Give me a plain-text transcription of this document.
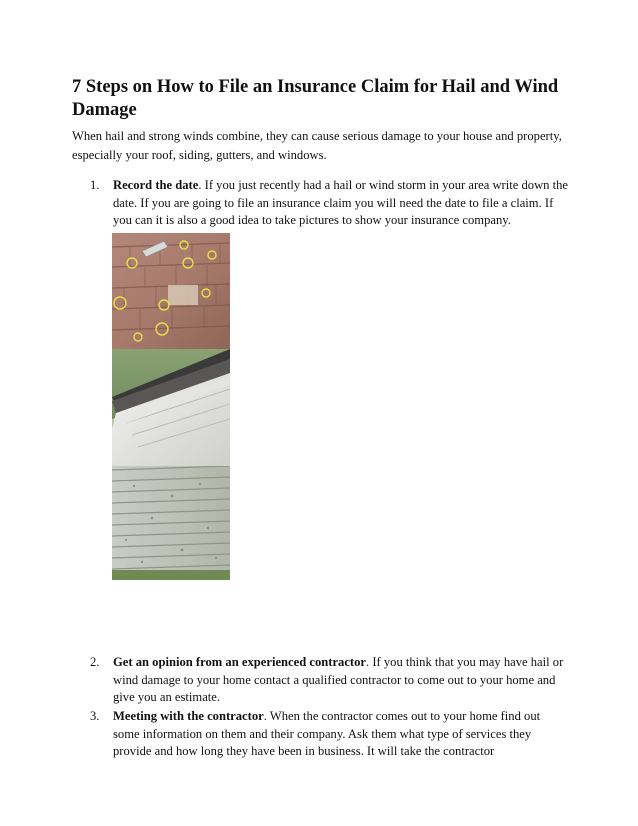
7 Steps on How to File an Insurance Claim for Hail and Wind Damage

When hail and strong winds combine, they can cause serious damage to your house and property, especially your roof, siding, gutters, and windows.

1. Record the date. If you just recently had a hail or wind storm in your area write down the date. If you are going to file an insurance claim you will need the date to file a claim. If you can it is also a good idea to take pictures to show your insurance company.
2. Get an opinion from an experienced contractor. If you think that you may have hail or wind damage to your home contact a qualified contractor to come out to your home and give you an estimate.
3. Meeting with the contractor. When the contractor comes out to your home find out some information on them and their company. Ask them what type of services they provide and how long they have been in business. It will take the contractor
